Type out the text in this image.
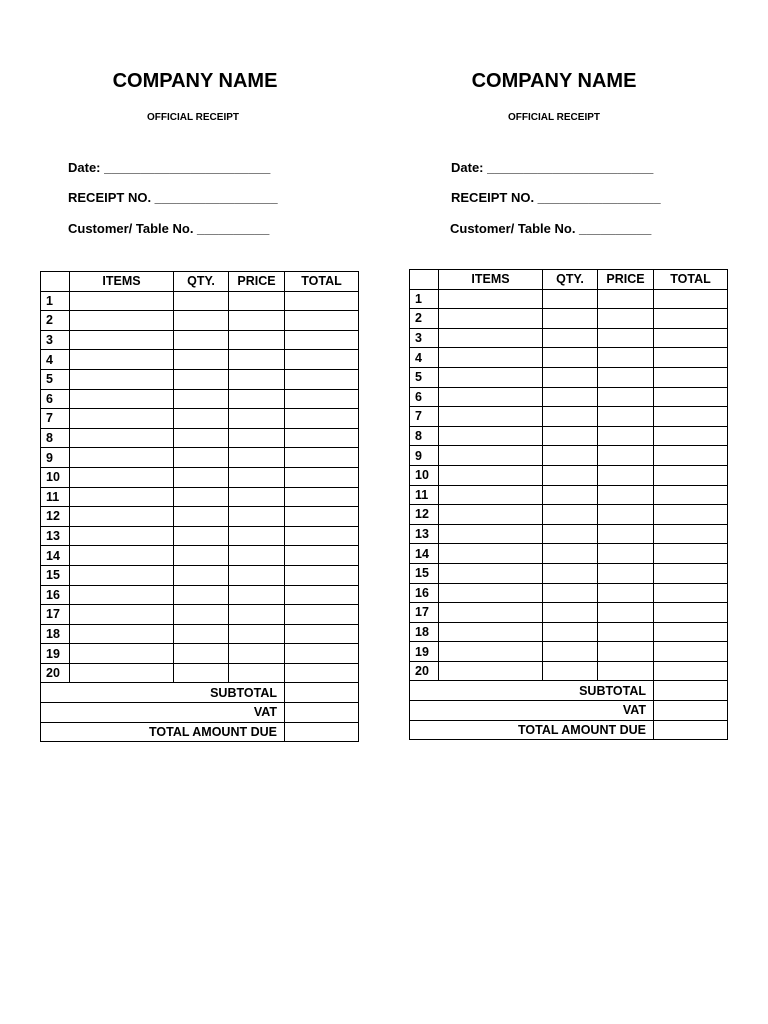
COMPANY NAME
OFFICIAL RECEIPT
Date: _______________________
RECEIPT NO. _________________
Customer/ Table No. __________
	ITEMS	QTY.	PRICE	TOTAL
1				
2				
3				
4				
5				
6				
7				
8				
9				
10				
11				
12				
13				
14				
15				
16				
17				
18				
19				
20				
SUBTOTAL				
VAT				
TOTAL AMOUNT DUE				
COMPANY NAME
OFFICIAL RECEIPT
Date: _______________________
RECEIPT NO. _________________
Customer/ Table No. __________
	ITEMS	QTY.	PRICE	TOTAL
1				
2				
3				
4				
5				
6				
7				
8				
9				
10				
11				
12				
13				
14				
15				
16				
17				
18				
19				
20				
SUBTOTAL				
VAT				
TOTAL AMOUNT DUE				
